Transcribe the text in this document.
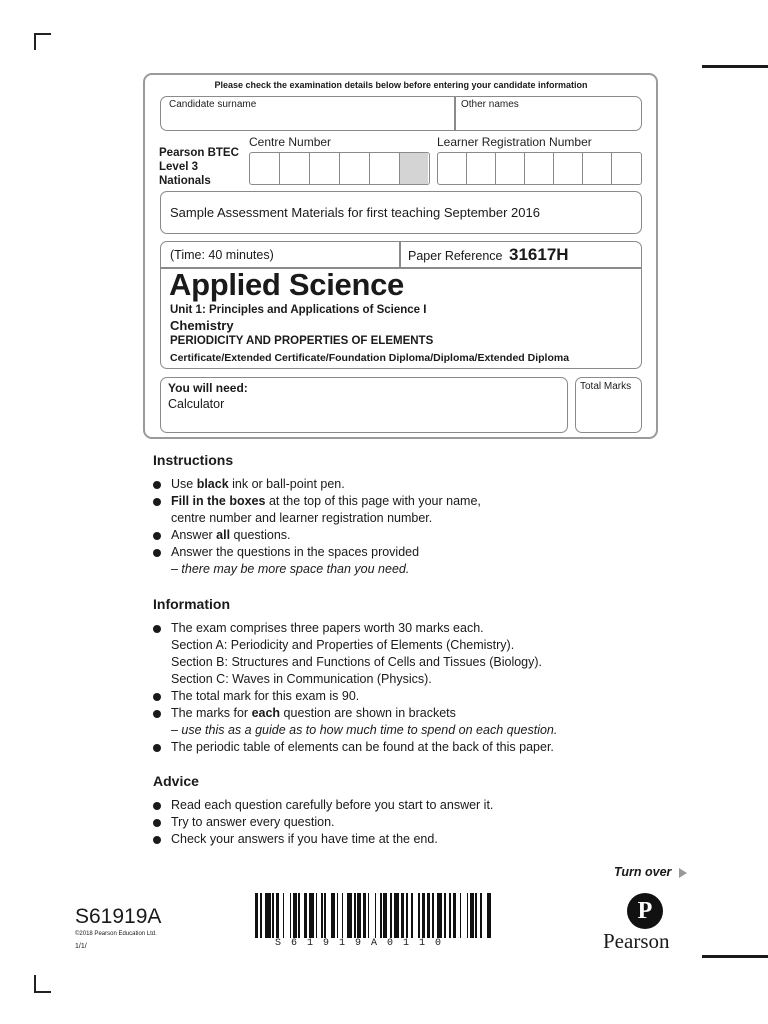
Please check the examination details below before entering your candidate information
Candidate surname	Other names
Pearson BTEC
Level 3
Nationals
Centre Number	Learner Registration Number
Sample Assessment Materials for first teaching September 2016
(Time: 40 minutes)	Paper Reference 31617H
Applied Science
Unit 1: Principles and Applications of Science I
Chemistry
PERIODICITY AND PROPERTIES OF ELEMENTS
Certificate/Extended Certificate/Foundation Diploma/Diploma/Extended Diploma
You will need:
Calculator
Total Marks
Instructions
Use black ink or ball-point pen.
Fill in the boxes at the top of this page with your name,
centre number and learner registration number.
Answer all questions.
Answer the questions in the spaces provided
– there may be more space than you need.
Information
The exam comprises three papers worth 30 marks each.
Section A: Periodicity and Properties of Elements (Chemistry).
Section B: Structures and Functions of Cells and Tissues (Biology).
Section C: Waves in Communication (Physics).
The total mark for this exam is 90.
The marks for each question are shown in brackets
– use this as a guide as to how much time to spend on each question.
The periodic table of elements can be found at the back of this paper.
Advice
Read each question carefully before you start to answer it.
Try to answer every question.
Check your answers if you have time at the end.
Turn over
S61919A
©2018 Pearson Education Ltd.
1/1/	S 6 1 9 1 9 A 0 1 1 0
P
Pearson
